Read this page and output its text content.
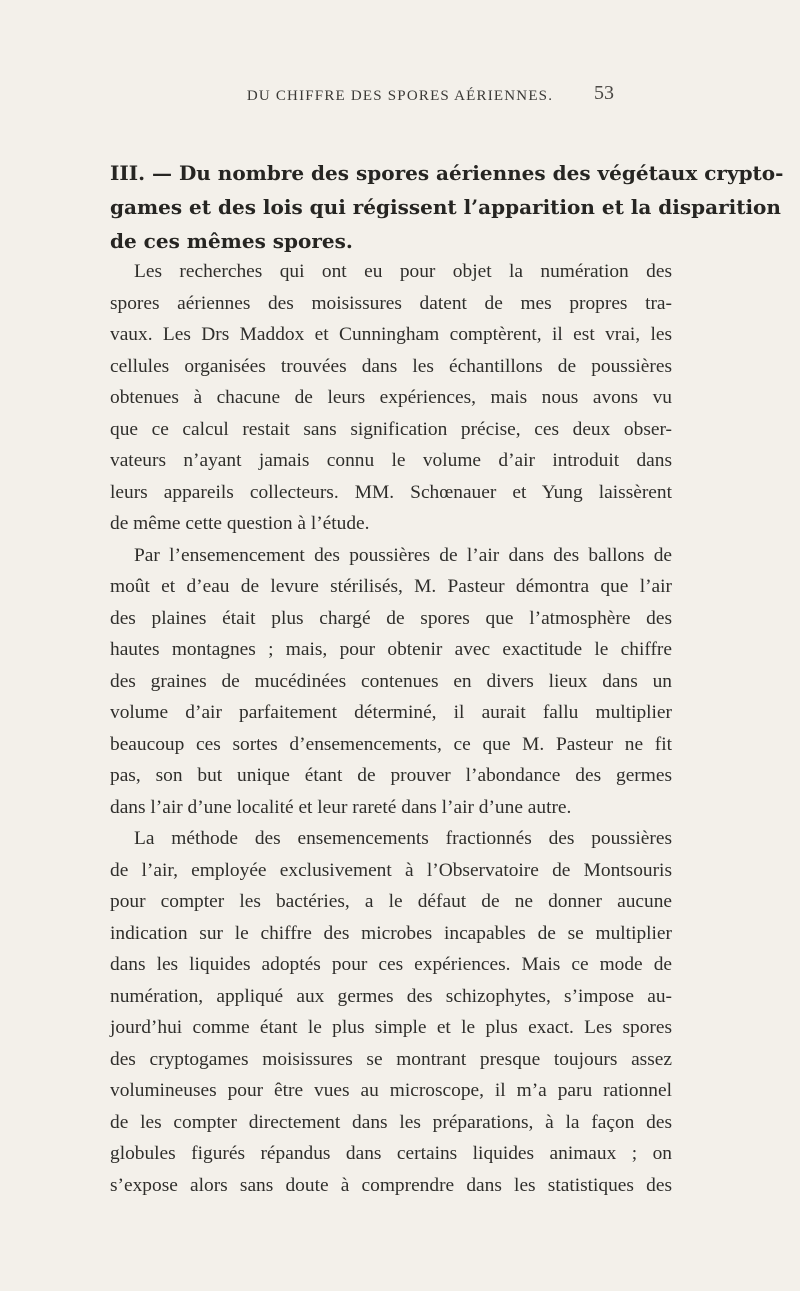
DU CHIFFRE DES SPORES AÉRIENNES.	53
III. — Du nombre des spores aériennes des végétaux crypto-
games et des lois qui régissent l’apparition et la disparition
de ces mêmes spores.
Les recherches qui ont eu pour objet la numération des
spores aériennes des moisissures datent de mes propres tra-
vaux. Les Drs Maddox et Cunningham comptèrent, il est vrai, les
cellules organisées trouvées dans les échantillons de poussières
obtenues à chacune de leurs expériences, mais nous avons vu
que ce calcul restait sans signification précise, ces deux obser-
vateurs n’ayant jamais connu le volume d’air introduit dans
leurs appareils collecteurs. MM. Schœnauer et Yung laissèrent
de même cette question à l’étude.
Par l’ensemencement des poussières de l’air dans des ballons de
moût et d’eau de levure stérilisés, M. Pasteur démontra que l’air
des plaines était plus chargé de spores que l’atmosphère des
hautes montagnes ; mais, pour obtenir avec exactitude le chiffre
des graines de mucédinées contenues en divers lieux dans un
volume d’air parfaitement déterminé, il aurait fallu multiplier
beaucoup ces sortes d’ensemencements, ce que M. Pasteur ne fit
pas, son but unique étant de prouver l’abondance des germes
dans l’air d’une localité et leur rareté dans l’air d’une autre.
La méthode des ensemencements fractionnés des poussières
de l’air, employée exclusivement à l’Observatoire de Montsouris
pour compter les bactéries, a le défaut de ne donner aucune
indication sur le chiffre des microbes incapables de se multiplier
dans les liquides adoptés pour ces expériences. Mais ce mode de
numération, appliqué aux germes des schizophytes, s’impose au-
jourd’hui comme étant le plus simple et le plus exact. Les spores
des cryptogames moisissures se montrant presque toujours assez
volumineuses pour être vues au microscope, il m’a paru rationnel
de les compter directement dans les préparations, à la façon des
globules figurés répandus dans certains liquides animaux ; on
s’expose alors sans doute à comprendre dans les statistiques des
